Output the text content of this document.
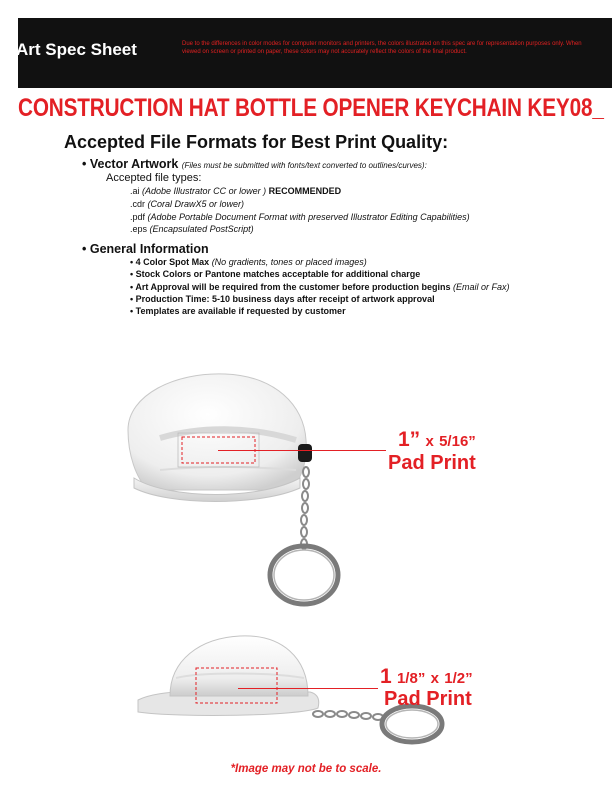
Art Spec Sheet	Due to the differences in color modes for computer monitors and printers, the colors illustrated on this spec are for representation purposes only. When viewed on screen or printed on paper, these colors may not accurately reflect the colors of the final product.
CONSTRUCTION HAT BOTTLE OPENER KEYCHAIN KEY08_
Accepted File Formats for Best Print Quality:
• Vector Artwork (Files must be submitted with fonts/text converted to outlines/curves):
Accepted file types:
.ai (Adobe Illustrator CC or lower ) RECOMMENDED
.cdr (Coral DrawX5 or lower)
.pdf (Adobe Portable Document Format with preserved Illustrator Editing Capabilities)
.eps (Encapsulated PostScript)
• General Information
• 4 Color Spot Max (No gradients, tones or placed images)
• Stock Colors or Pantone matches acceptable for additional charge
• Art Approval will be required from the customer before production begins (Email or Fax)
• Production Time: 5-10 business days after receipt of artwork approval
• Templates are available if requested by customer
1” x 5/16”
Pad Print
1 1/8” x 1/2”
Pad Print
*Image may not be to scale.
